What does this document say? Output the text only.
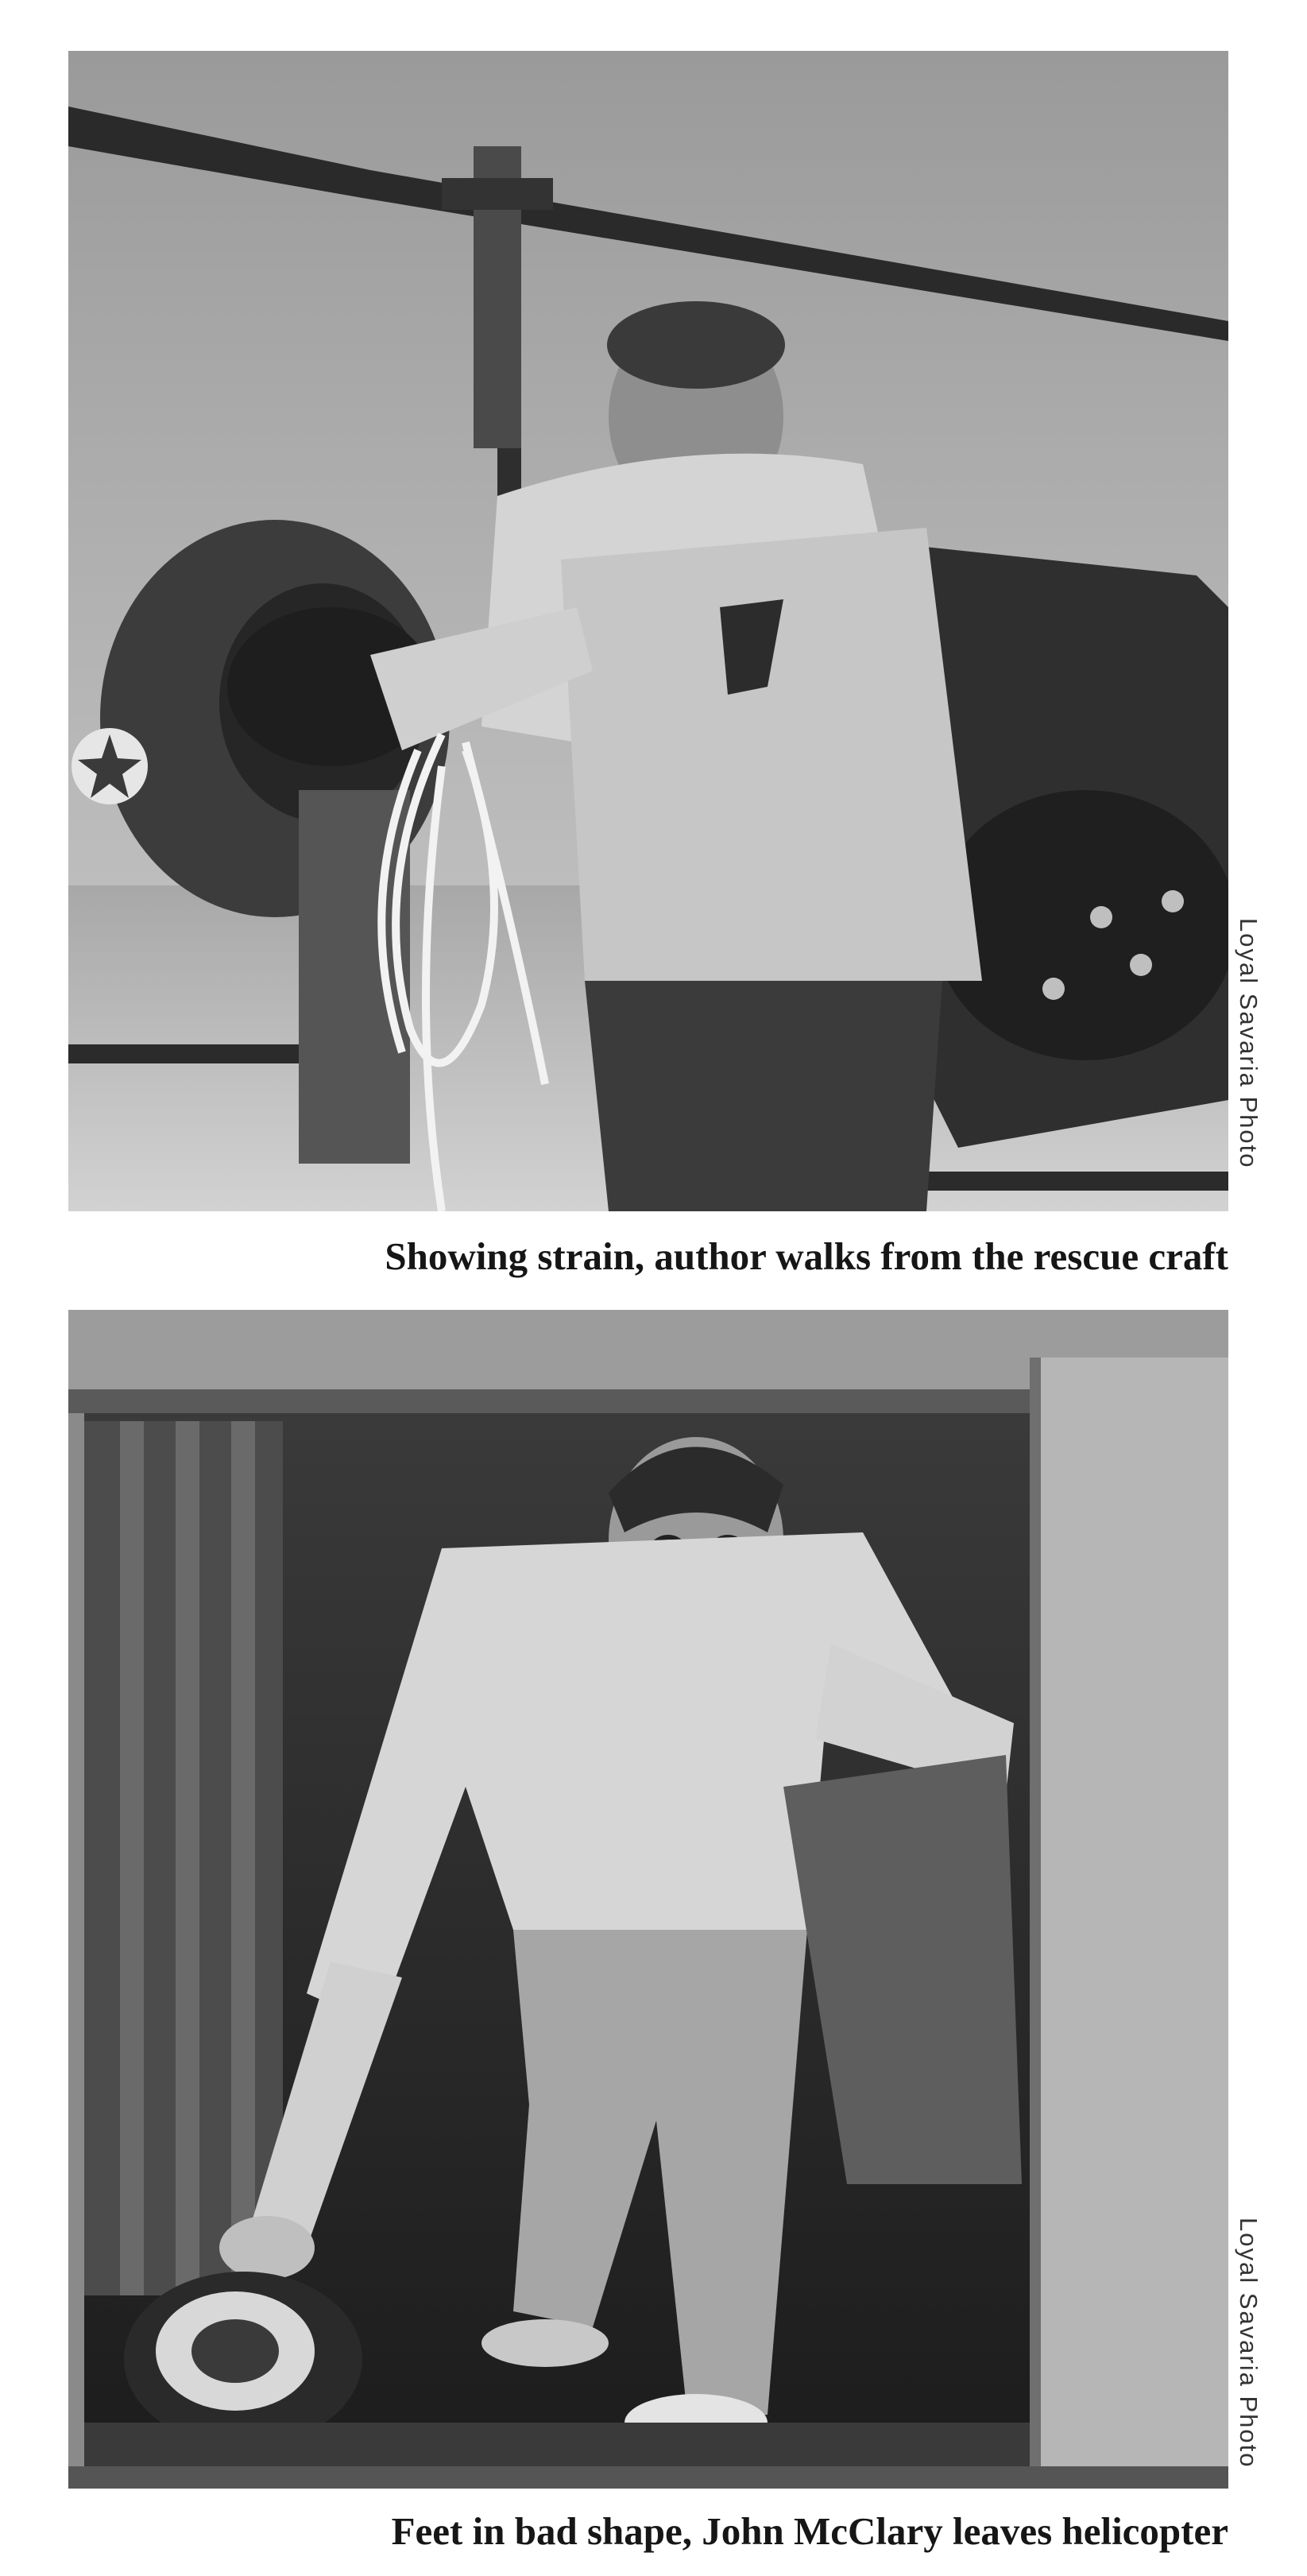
Loyal Savaria Photo
Showing strain, author walks from the rescue craft
Loyal Savaria Photo
Feet in bad shape, John McClary leaves helicopter
